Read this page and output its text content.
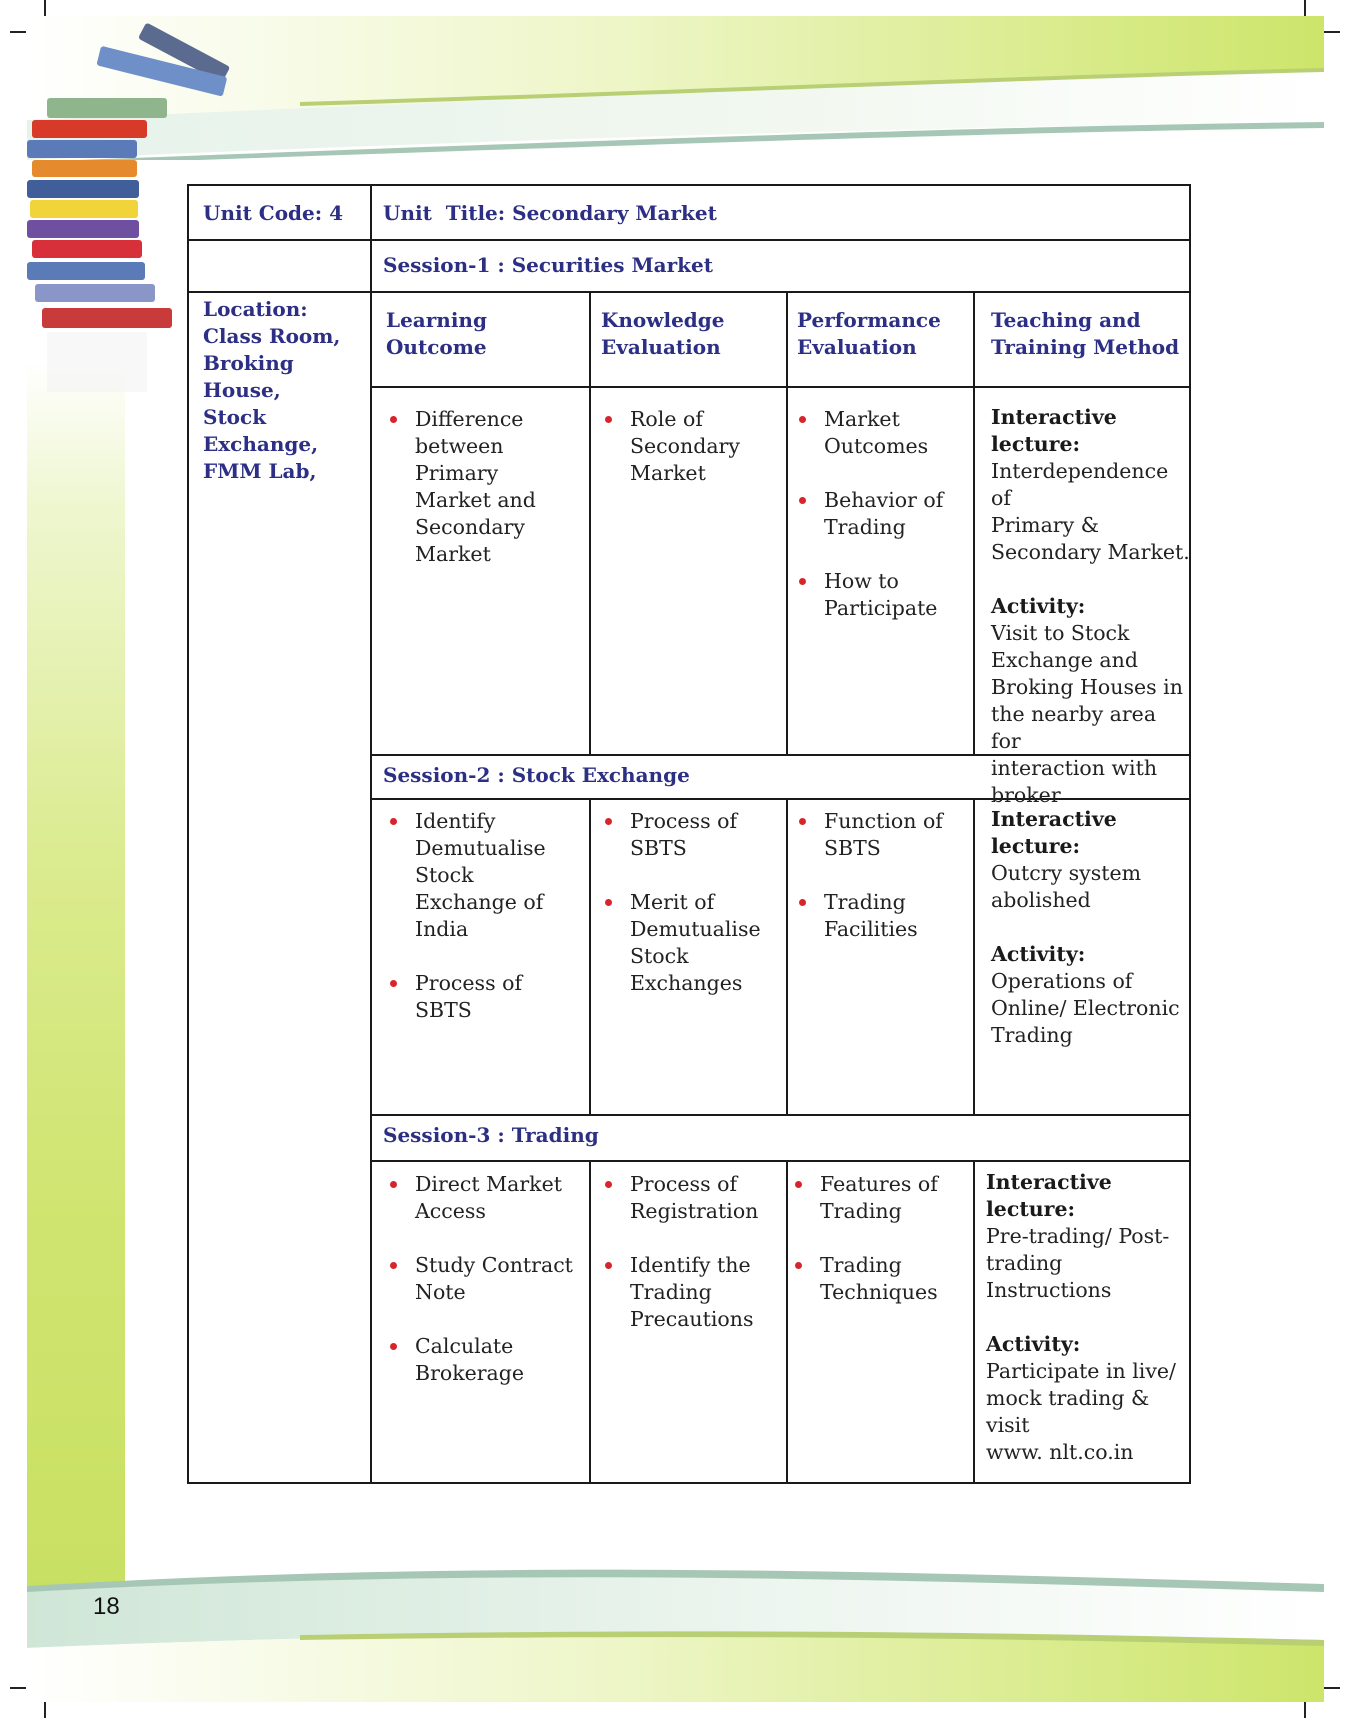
Unit Code: 4 Unit  Title: Secondary Market
Location:
Class Room,
Broking
House,
Stock
Exchange,
FMM Lab,
Session-1 : Securities Market
Learning
Outcome
Knowledge
Evaluation
Performance
Evaluation
Teaching and
Training Method
Difference
between
Primary
Market and
Secondary
Market
Role of
Secondary
Market
Market
Outcomes
Behavior of
Trading
How to
Participate

Interactive lecture:

Interdependence of
Primary &
Secondary Market.

Activity:

Visit to Stock
Exchange and
Broking Houses in
the nearby area for
interaction with
broker

Session-2 : Stock Exchange
Identify
Demutualise
Stock
Exchange of
India
Process of
SBTS
Process of
SBTS
Merit of
Demutualise
Stock
Exchanges
Function of
SBTS
Trading
Facilities

Interactive lecture:

Outcry system
abolished

Activity:

Operations of
Online/ Electronic
Trading

Session-3 : Trading
Direct Market
Access
Study Contract
Note
Calculate
Brokerage
Process of
Registration
Identify the
Trading
Precautions
Features of
Trading
Trading
Techniques

Interactive lecture:

Pre-trading/ Post-
trading Instructions

Activity:

Participate in live/
mock trading & visit
www. nlt.co.in

18
